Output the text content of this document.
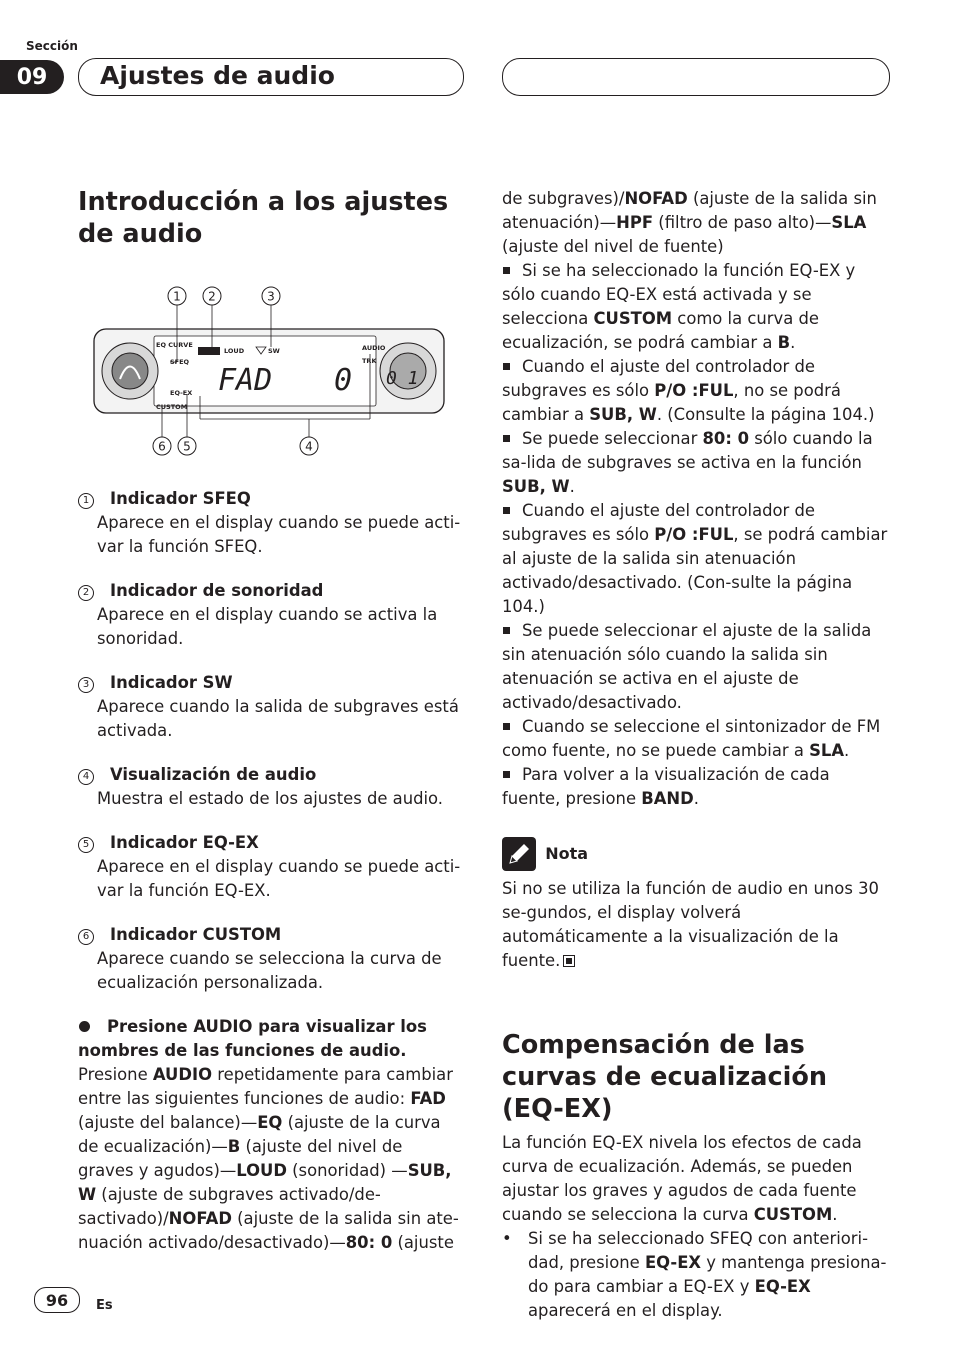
Sección
09	Ajustes de audio
Introducción a los ajustes de audio
1 2	3
6 5	4
EQ CURVE
SFEQ
EQ-EX
CUSTOM
LOUD	SW	AUDIO
TRK
FAD 0 0 1
1 Indicador SFEQ
Aparece en el display cuando se puede acti-var la función SFEQ.
2 Indicador de sonoridad
Aparece en el display cuando se activa la sonoridad.
3 Indicador SW
Aparece cuando la salida de subgraves está activada.
4 Visualización de audio
Muestra el estado de los ajustes de audio.
5 Indicador EQ-EX
Aparece en el display cuando se puede acti-var la función EQ-EX.
6 Indicador CUSTOM
Aparece cuando se selecciona la curva de ecualización personalizada.

Presione AUDIO para visualizar los nombres de las funciones de audio.

Presione AUDIO repetidamente para cambiar entre las siguientes funciones de audio: FAD (ajuste del balance)—EQ (ajuste de la curva de ecualización)—B (ajuste del nivel de graves y agudos)—LOUD (sonoridad) —SUB, W (ajuste de subgraves activado/de-sactivado)/NOFAD (ajuste de la salida sin ate-nuación activado/desactivado)—80: 0 (ajuste

de subgraves)/NOFAD (ajuste de la salida sin atenuación)—HPF (filtro de paso alto)—SLA (ajuste del nivel de fuente)

Si se ha seleccionado la función EQ-EX y sólo cuando EQ-EX está activada y se selecciona CUSTOM como la curva de ecualización, se podrá cambiar a B.

Cuando el ajuste del controlador de subgraves es sólo P/O :FUL, no se podrá cambiar a SUB, W. (Consulte la página 104.)

Se puede seleccionar 80: 0 sólo cuando la sa-lida de subgraves se activa en la función SUB, W.

Cuando el ajuste del controlador de subgraves es sólo P/O :FUL, se podrá cambiar al ajuste de la salida sin atenuación activado/desactivado. (Con-sulte la página 104.)

Se puede seleccionar el ajuste de la salida sin atenuación sólo cuando la salida sin atenuación se activa en el ajuste de activado/desactivado.

Cuando se seleccione el sintonizador de FM como fuente, no se puede cambiar a SLA.

Para volver a la visualización de cada fuente, presione BAND.

Nota

Si no se utiliza la función de audio en unos 30 se-gundos, el display volverá automáticamente a la visualización de la fuente.

Compensación de las curvas de ecualización (EQ-EX)

La función EQ-EX nivela los efectos de cada curva de ecualización. Además, se pueden ajustar los graves y agudos de cada fuente cuando se selecciona la curva CUSTOM.

• Si se ha seleccionado SFEQ con anteriori-dad, presione EQ-EX y mantenga presiona-do para cambiar a EQ-EX y EQ-EX aparecerá en el display.

96	Es
